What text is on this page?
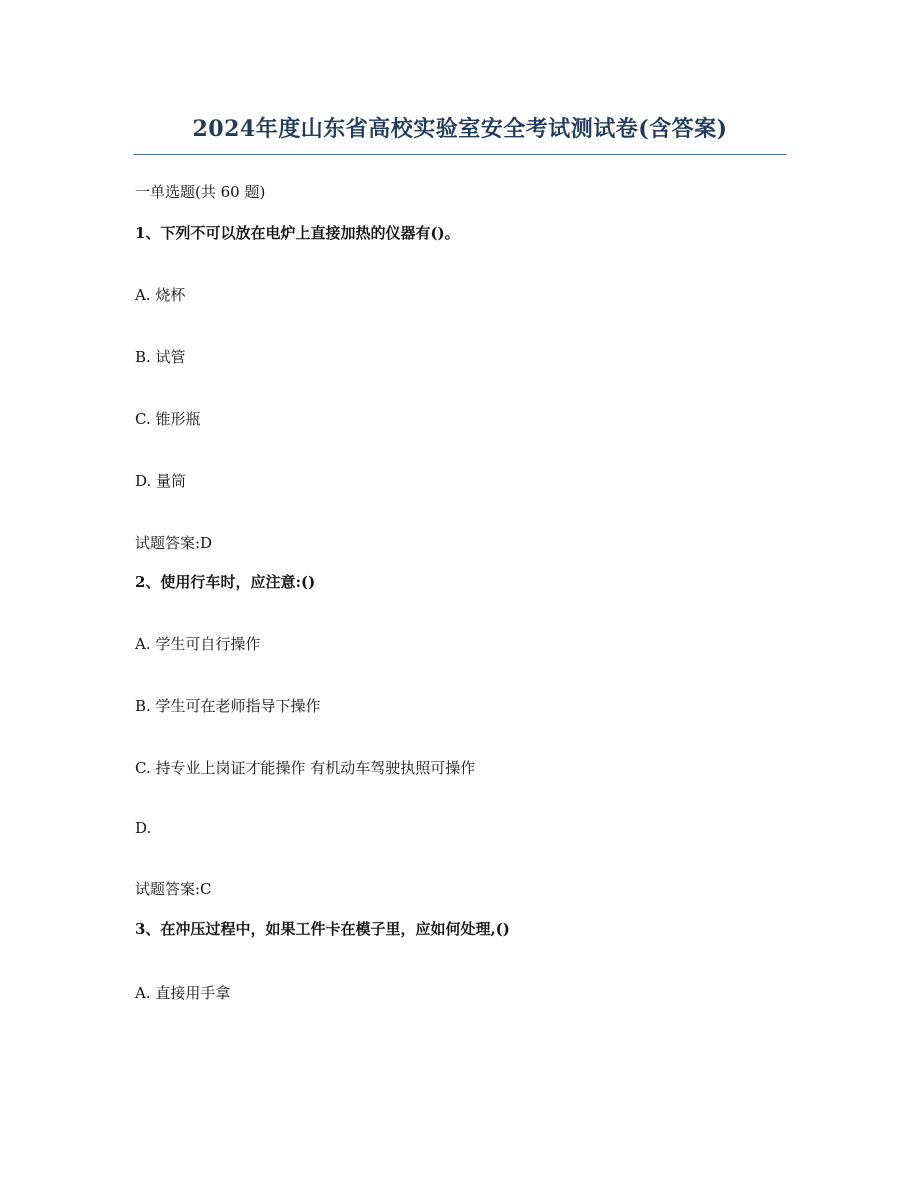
2024年度山东省高校实验室安全考试测试卷(含答案)
一单选题(共 60 题)
1、下列不可以放在电炉上直接加热的仪器有()。
A. 烧杯
B. 试管
C. 锥形瓶
D. 量筒
试题答案:D
2、使用行车时，应注意:()
A. 学生可自行操作
B. 学生可在老师指导下操作
C. 持专业上岗证才能操作 有机动车驾驶执照可操作
D.
试题答案:C
3、在冲压过程中，如果工件卡在模子里，应如何处理,()
A. 直接用手拿
